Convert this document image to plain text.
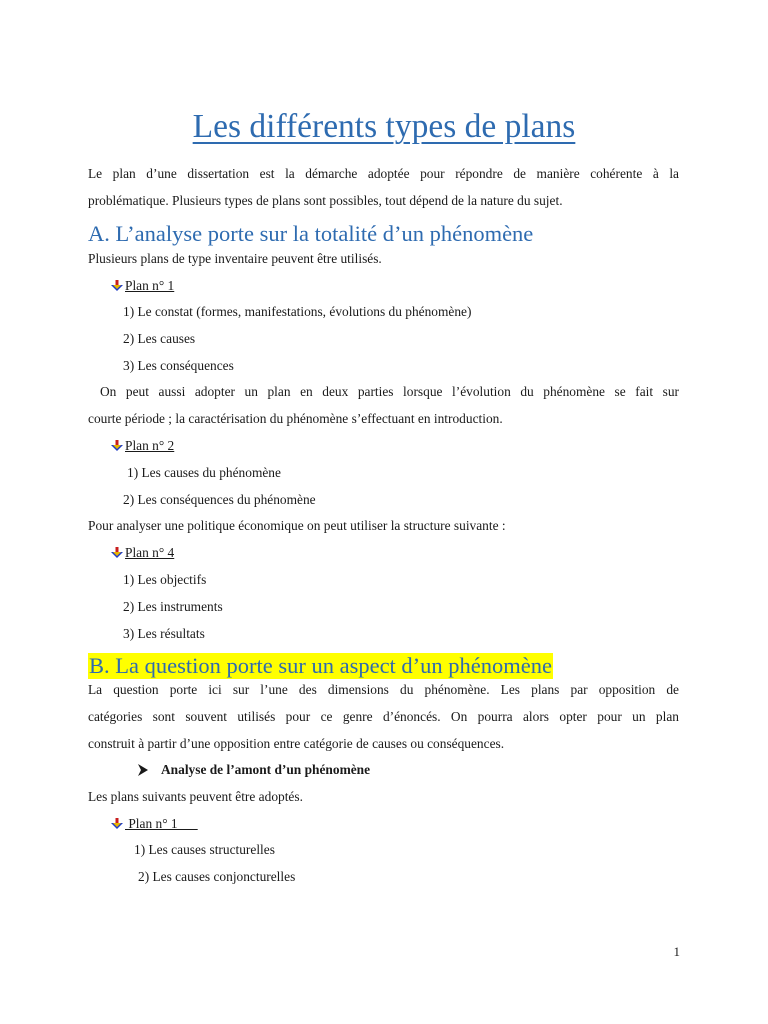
Les différents types de plans
Le plan d’une dissertation est la démarche adoptée pour répondre de manière cohérente à la
problématique. Plusieurs types de plans sont possibles, tout dépend de la nature du sujet.
A. L’analyse porte sur la totalité d’un phénomène
Plusieurs plans de type inventaire peuvent être utilisés.
Plan n° 1
1) Le constat (formes, manifestations, évolutions du phénomène)
2) Les causes
3) Les conséquences
On peut aussi adopter un plan en deux parties lorsque l’évolution du phénomène se fait sur
courte période ; la caractérisation du phénomène s’effectuant en introduction.
Plan n° 2
1) Les causes du phénomène
2) Les conséquences du phénomène
Pour analyser une politique économique on peut utiliser la structure suivante :
Plan n° 4
1) Les objectifs
2) Les instruments
3) Les résultats
B. La question porte sur un aspect d’un phénomène
La question porte ici sur l’une des dimensions du phénomène. Les plans par opposition de
catégories sont souvent utilisés pour ce genre d’énoncés. On pourra alors opter pour un plan
construit à partir d’une opposition entre catégorie de causes ou conséquences.
Analyse de l’amont d’un phénomène
Les plans suivants peuvent être adoptés.
Plan n° 1
1) Les causes structurelles
2) Les causes conjoncturelles
1
